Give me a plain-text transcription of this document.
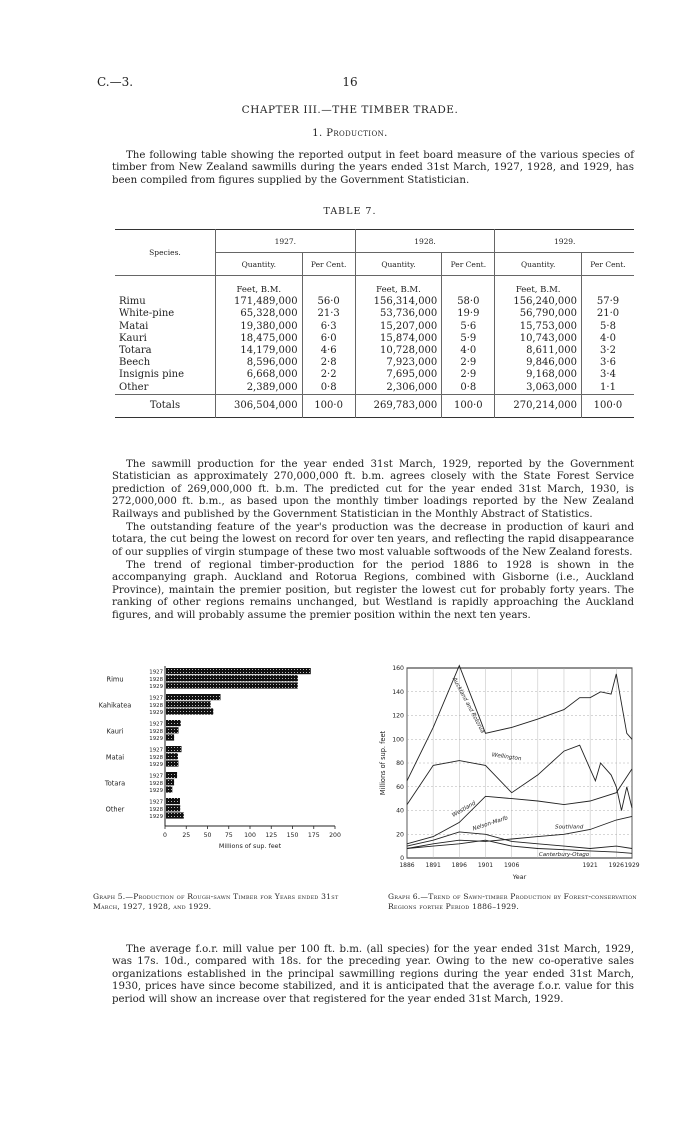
C.—3.	16
CHAPTER III.—THE TIMBER TRADE.
1. Production.

The following table showing the reported output in feet board measure of the various species of timber from New Zealand sawmills during the years ended 31st March, 1927, 1928, and 1929, has been compiled from figures supplied by the Government Statistician.

TABLE 7.
Species.	1927.		1928.		1929.	
	Quantity.	Per Cent.	Quantity.	Per Cent.	Quantity.	Per Cent.
	Feet, B.M.		Feet, B.M.		Feet, B.M.	
Rimu	171,489,000	56·0	156,314,000	58·0	156,240,000	57·9
White-pine	65,328,000	21·3	53,736,000	19·9	56,790,000	21·0
Matai	19,380,000	6·3	15,207,000	5·6	15,753,000	5·8
Kauri	18,475,000	6·0	15,874,000	5·9	10,743,000	4·0
Totara	14,179,000	4·6	10,728,000	4·0	8,611,000	3·2
Beech	8,596,000	2·8	7,923,000	2·9	9,846,000	3·6
Insignis pine	6,668,000	2·2	7,695,000	2·9	9,168,000	3·4
Other	2,389,000	0·8	2,306,000	0·8	3,063,000	1·1
Totals	306,504,000	100·0	269,783,000	100·0	270,214,000	100·0

The sawmill production for the year ended 31st March, 1929, reported by the Government Statistician as approximately 270,000,000 ft. b.m. agrees closely with the State Forest Service prediction of 269,000,000 ft. b.m. The predicted cut for the year ended 31st March, 1930, is 272,000,000 ft. b.m., as based upon the monthly timber loadings reported by the New Zealand Railways and published by the Government Statistician in the Monthly Abstract of Statistics.

The outstanding feature of the year's production was the decrease in production of kauri and totara, the cut being the lowest on record for over ten years, and reflecting the rapid disappearance of our supplies of virgin stumpage of these two most valuable softwoods of the New Zealand forests.

The trend of regional timber-production for the period 1886 to 1928 is shown in the accompanying graph. Auckland and Rotorua Regions, combined with Gisborne (i.e., Auckland Province), maintain the premier position, but register the lowest cut for probably forty years. The ranking of other regions remains unchanged, but Westland is rapidly approaching the Auckland figures, and will probably assume the premier position within the next ten years.

0 25 50 75 100 125 150 175 200
Millions of sup. feet
Rimu
1927
1928
1929
Kahikatea
1927
1928
1929
Kauri
1927
1928
1929
Matai
1927
1928
1929
Totara
1927
1928
1929
Other
1927
1928
1929
Graph 5.—Production of Rough-sawn Timber for Years ended 31st March, 1927, 1928, and 1929.
0
20
40
60
80
100
120
140
160
1886 1891 1896 1901 1906	1921 1926 1929
Year
Millions of sup. feet
Auckland and Rotorua
Wellington
Westland
Nelson-Marlb	Southland
Canterbury-Otago
Graph 6.—Trend of Sawn-timber Production by Forest-conservation Regions forthe Period 1886–1929.

The average f.o.r. mill value per 100 ft. b.m. (all species) for the year ended 31st March, 1929, was 17s. 10d., compared with 18s. for the preceding year. Owing to the new co-operative sales organizations established in the principal sawmilling regions during the year ended 31st March, 1930, prices have since become stabilized, and it is anticipated that the average f.o.r. value for this period will show an increase over that registered for the year ended 31st March, 1929.
